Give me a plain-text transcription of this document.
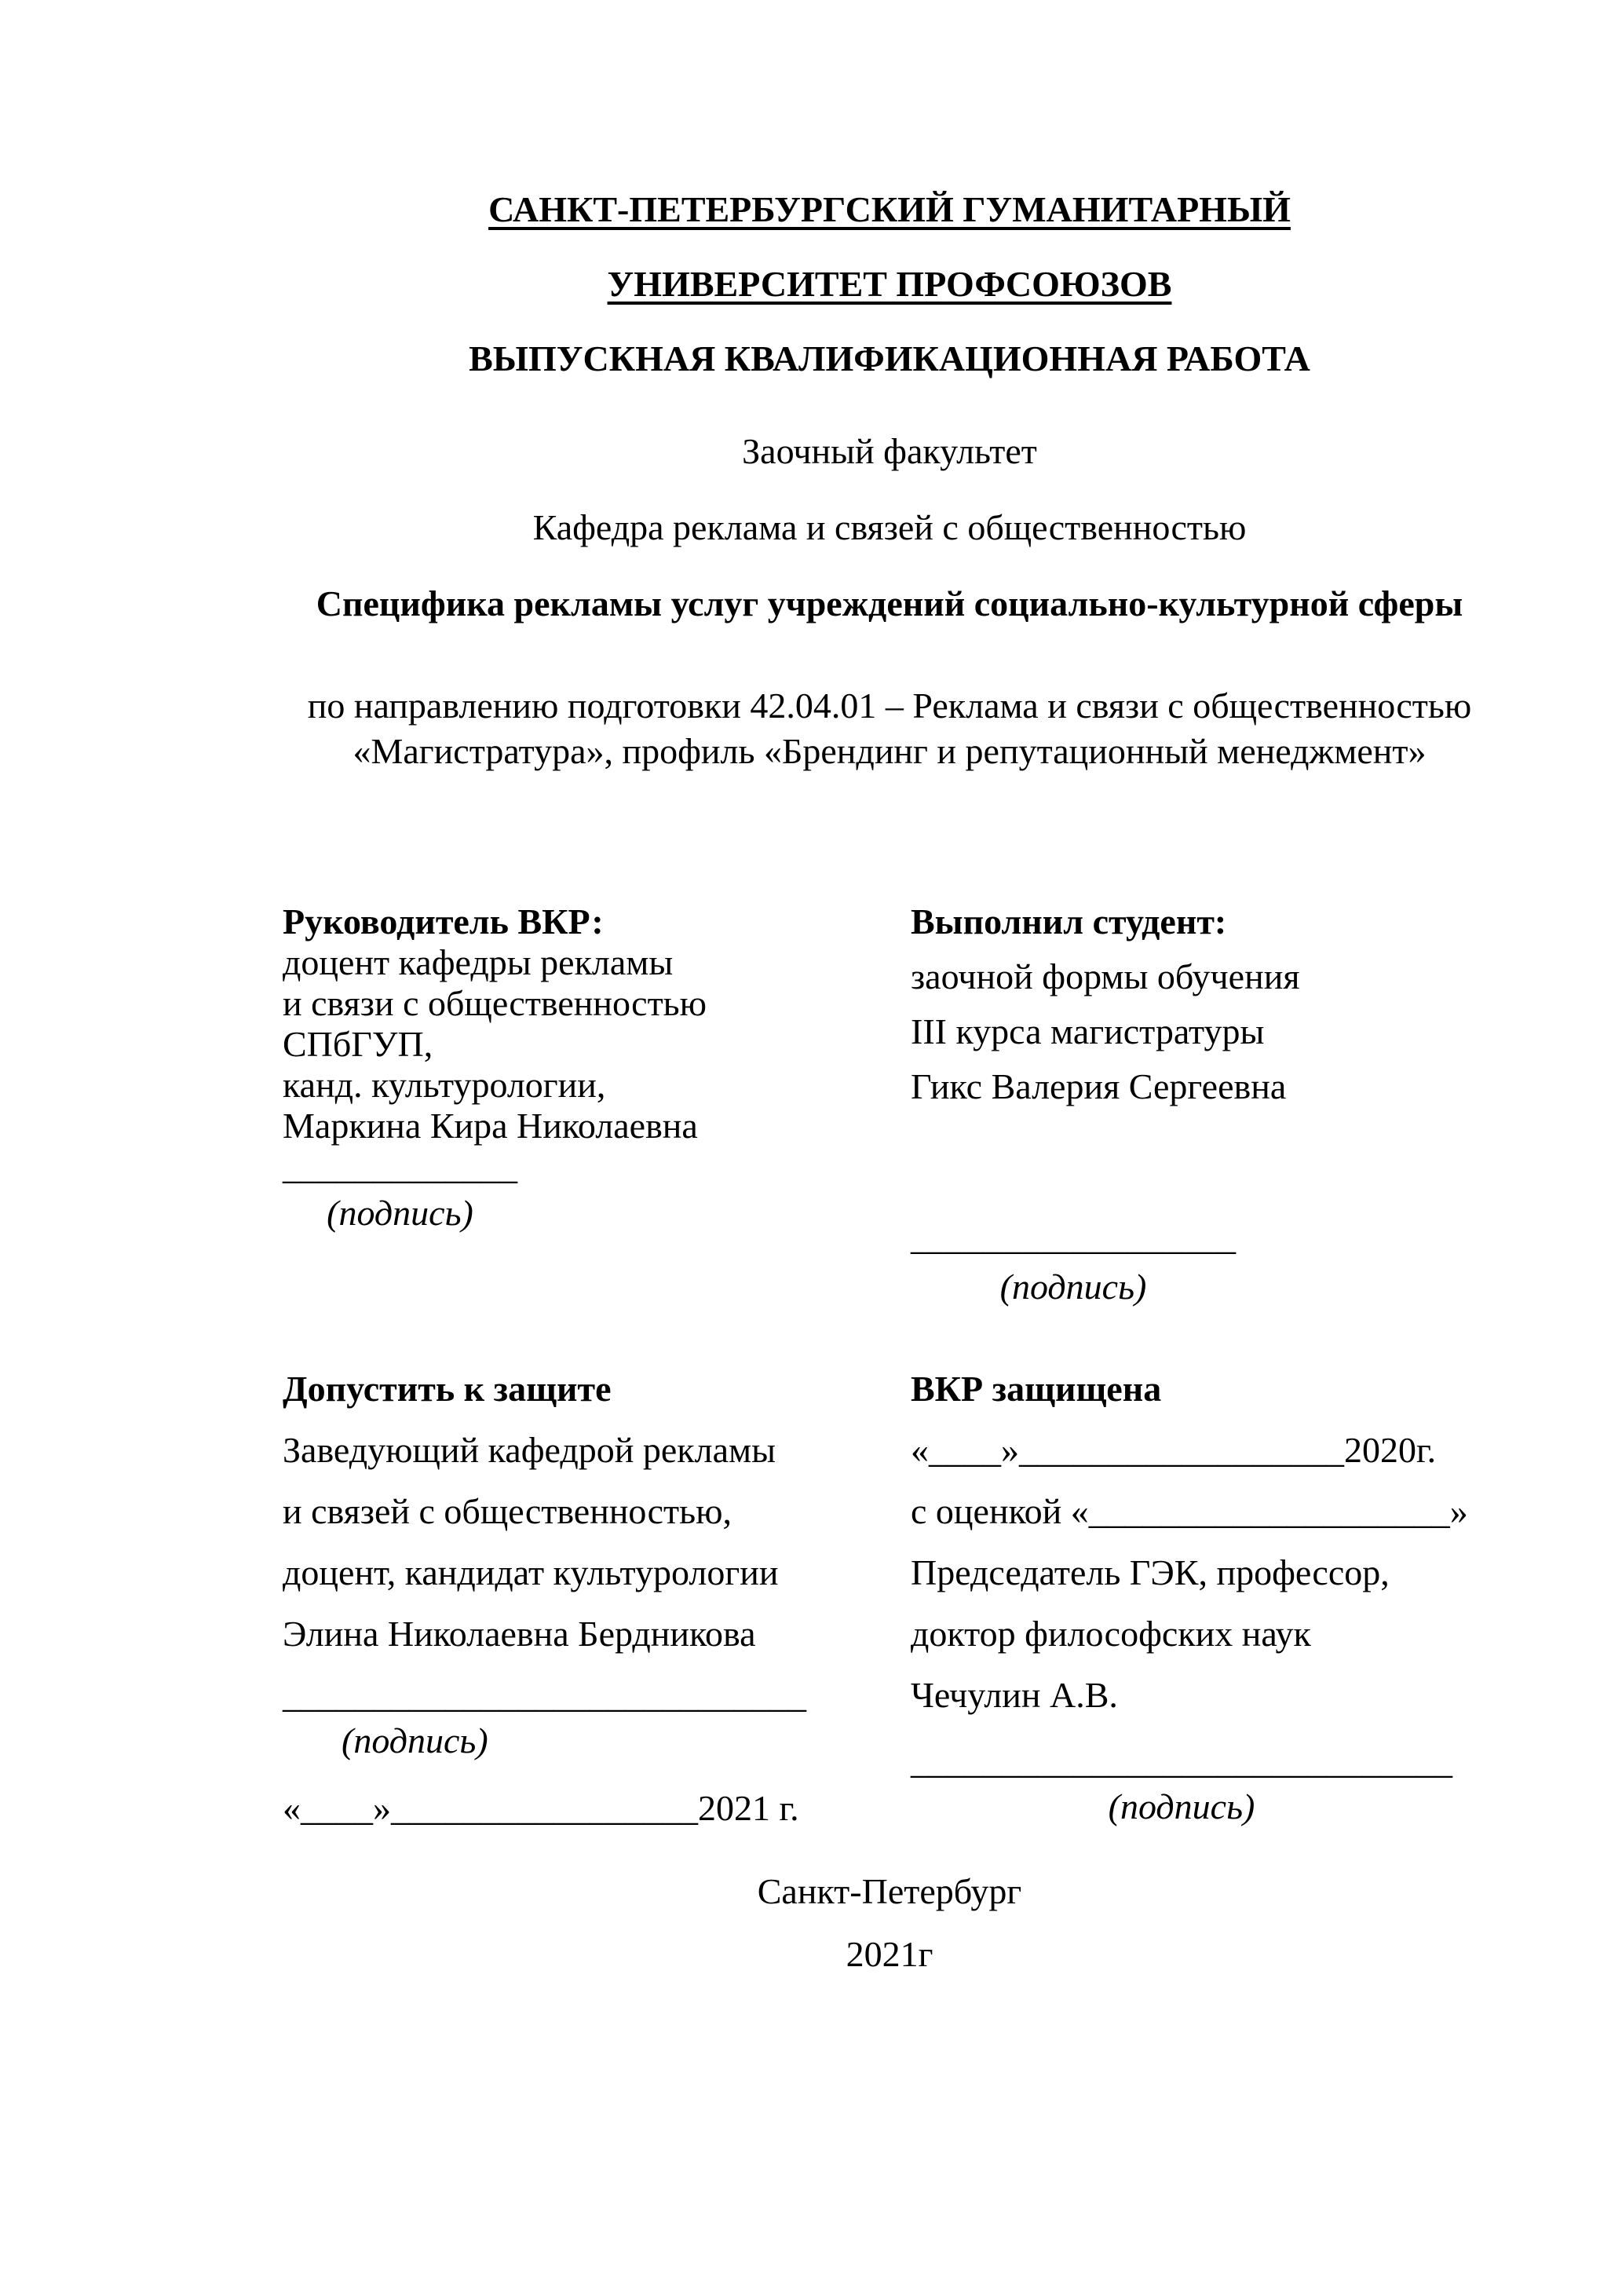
САНКТ-ПЕТЕРБУРГСКИЙ ГУМАНИТАРНЫЙ

УНИВЕРСИТЕТ ПРОФСОЮЗОВ

ВЫПУСКНАЯ КВАЛИФИКАЦИОННАЯ РАБОТА

Заочный факультет

Кафедра реклама и связей с общественностью

Специфика рекламы услуг учреждений социально-культурной сферы

по направлению подготовки 42.04.01 – Реклама и связи с общественностью
«Магистратура», профиль «Брендинг и репутационный менеджмент»

Руководитель ВКР:

доцент кафедры рекламы

и связи с общественностью

СПбГУП,

канд. культурологии,

Маркина Кира Николаевна

_____________

(подпись)

Выполнил студент:

заочной формы обучения

III курса магистратуры

Гикс Валерия Сергеевна

__________________

(подпись)

Допустить к защите

Заведующий кафедрой рекламы

и связей с общественностью,

доцент, кандидат культурологии

Элина Николаевна Бердникова

_____________________________

(подпись)

«____»_________________2021 г.

ВКР защищена

«____»__________________2020г.

с оценкой «____________________»

Председатель ГЭК, профессор,

доктор философских наук

Чечулин А.В.

______________________________

(подпись)

Санкт-Петербург

2021г
